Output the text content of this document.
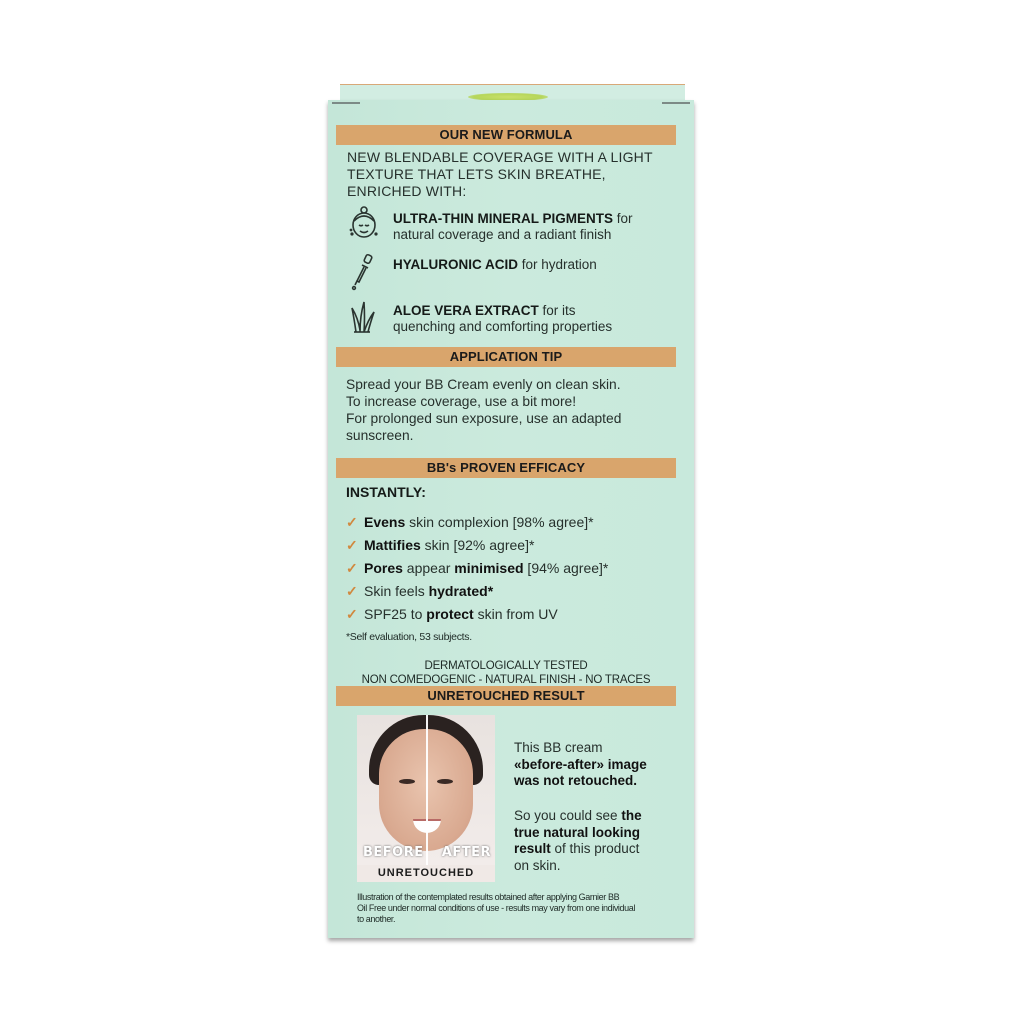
OUR NEW FORMULA
NEW BLENDABLE COVERAGE WITH A LIGHT
TEXTURE THAT LETS SKIN BREATHE,
ENRICHED WITH:
ULTRA-THIN MINERAL PIGMENTS for
natural coverage and a radiant finish
HYALURONIC ACID for hydration
ALOE VERA EXTRACT for its
quenching and comforting properties
APPLICATION TIP
Spread your BB Cream evenly on clean skin.
To increase coverage, use a bit more!
For prolonged sun exposure, use an adapted
sunscreen.
BB's PROVEN EFFICACY
INSTANTLY:
✓ Evens skin complexion [98% agree]*
✓ Mattifies skin [92% agree]*
✓ Pores appear minimised [94% agree]*
✓ Skin feels hydrated*
✓ SPF25 to protect skin from UV
*Self evaluation, 53 subjects.
DERMATOLOGICALLY TESTED
NON COMEDOGENIC - NATURAL FINISH - NO TRACES
UNRETOUCHED RESULT
BEFORE AFTER
UNRETOUCHED
This BB cream
«before-after» image
was not retouched.
So you could see the
true natural looking
result of this product
on skin.
Illustration of the contemplated results obtained after applying Garnier BB
Oil Free under normal conditions of use - results may vary from one individual
to another.
